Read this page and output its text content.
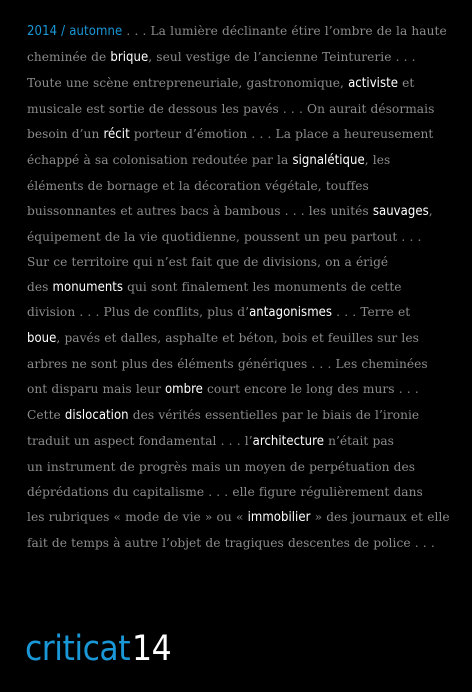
2014 / automne . . . La lumière déclinante étire l’ombre de la haute
cheminée de brique, seul vestige de l’ancienne Teinturerie . . .
Toute une scène entrepreneuriale, gastronomique, activiste et
musicale est sortie de dessous les pavés . . . On aurait désormais
besoin d’un récit porteur d’émotion . . . La place a heureusement
échappé à sa colonisation redoutée par la signalétique, les
éléments de bornage et la décoration végétale, touffes
buissonnantes et autres bacs à bambous . . . les unités sauvages,
équipement de la vie quotidienne, poussent un peu partout . . .
Sur ce territoire qui n’est fait que de divisions, on a érigé
des monuments qui sont finalement les monuments de cette
division . . . Plus de conflits, plus d’antagonismes . . . Terre et
boue, pavés et dalles, asphalte et béton, bois et feuilles sur les
arbres ne sont plus des éléments génériques . . . Les cheminées
ont disparu mais leur ombre court encore le long des murs . . .
Cette dislocation des vérités essentielles par le biais de l’ironie
traduit un aspect fondamental . . . l’architecture n’était pas
un instrument de progrès mais un moyen de perpétuation des
déprédations du capitalisme . . . elle figure régulièrement dans
les rubriques « mode de vie » ou « immobilier » des journaux et elle
fait de temps à autre l’objet de tragiques descentes de police . . .

criticat14
